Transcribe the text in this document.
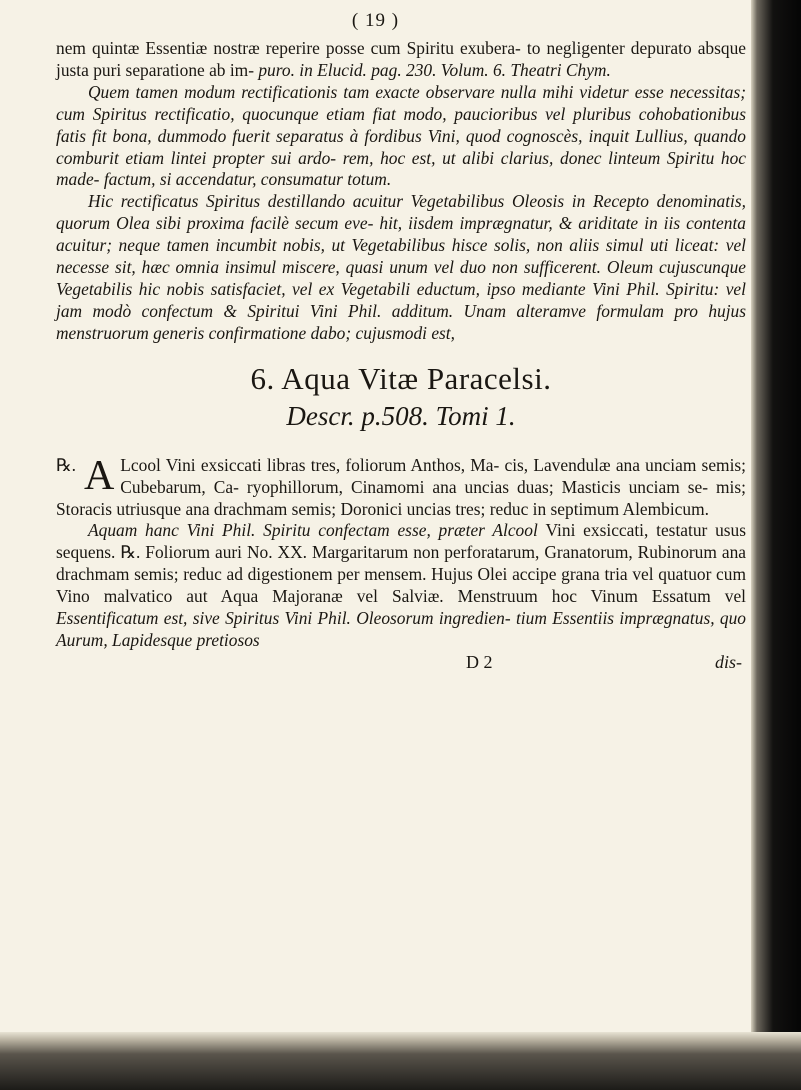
( 19 )

nem quintæ Essentiæ nostræ reperire posse cum Spiritu exubera- to negligenter depurato absque justa puri separatione ab im- puro. in Elucid. pag. 230. Volum. 6. Theatri Chym.

Quem tamen modum rectificationis tam exacte observare nulla mihi videtur esse necessitas; cum Spiritus rectificatio, quocunque etiam fiat modo, paucioribus vel pluribus cohobationibus fatis fit bona, dummodo fuerit separatus à fordibus Vini, quod cognoscès, inquit Lullius, quando comburit etiam lintei propter sui ardo- rem, hoc est, ut alibi clarius, donec linteum Spiritu hoc made- factum, si accendatur, consumatur totum.

Hic rectificatus Spiritus destillando acuitur Vegetabilibus Oleosis in Recepto denominatis, quorum Olea sibi proxima facilè secum eve- hit, iisdem imprægnatur, & ariditate in iis contenta acuitur; neque tamen incumbit nobis, ut Vegetabilibus hisce solis, non aliis simul uti liceat: vel necesse sit, hæc omnia insimul miscere, quasi unum vel duo non sufficerent. Oleum cujuscunque Vegetabilis hic nobis satisfaciet, vel ex Vegetabili eductum, ipso mediante Vini Phil. Spiritu: vel jam modò confectum & Spiritui Vini Phil. additum. Unam alteramve formulam pro hujus menstruorum generis confirmatione dabo; cujusmodi est,

6. Aqua Vitæ Paracelsi.
Descr. p.508. Tomi 1.

℞. A Lcool Vini exsiccati libras tres, foliorum Anthos, Ma- cis, Lavendulæ ana unciam semis; Cubebarum, Ca- ryophillorum, Cinamomi ana uncias duas; Masticis unciam se- mis; Storacis utriusque ana drachmam semis; Doronici uncias tres; reduc in septimum Alembicum.

Aquam hanc Vini Phil. Spiritu confectam esse, præter Alcool Vini exsiccati, testatur usus sequens. ℞. Foliorum auri No. XX. Margaritarum non perforatarum, Granatorum, Rubinorum ana drachmam semis; reduc ad digestionem per mensem. Hujus Olei accipe grana tria vel quatuor cum Vino malvatico aut Aqua Majoranæ vel Salviæ. Menstruum hoc Vinum Essatum vel Essentificatum est, sive Spiritus Vini Phil. Oleosorum ingredien- tium Essentiis imprægnatus, quo Aurum, Lapidesque pretiosos

D 2	dis-
